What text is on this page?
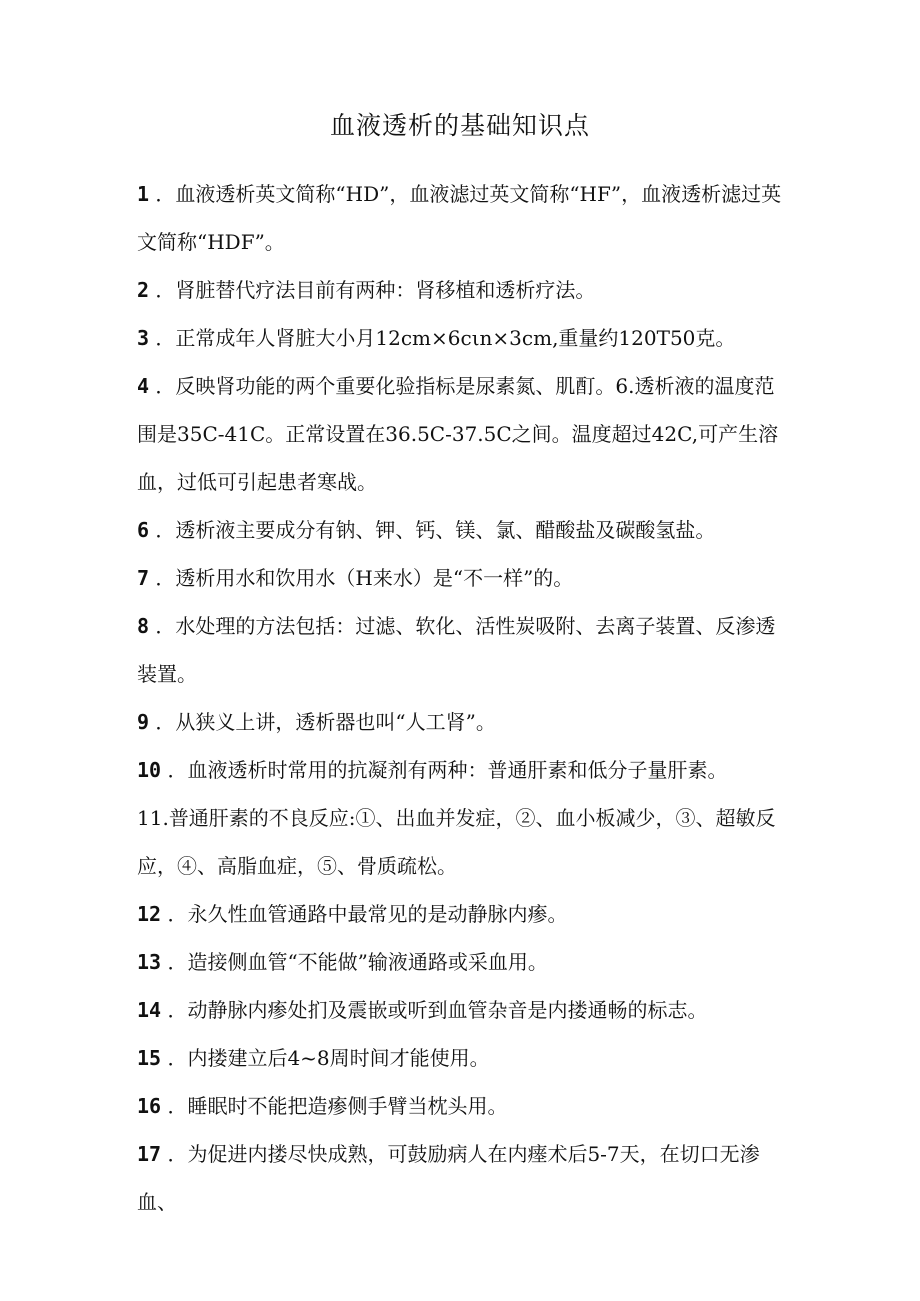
血液透析的基础知识点

1 ．血液透析英文简称“HD”，血液滤过英文简称“HF”，血液透析滤过英文简称“HDF”。

2 ．肾脏替代疗法目前有两种：肾移植和透析疗法。

3 ．正常成年人肾脏大小月12cm×6cιn×3cm,重量约120T50克。

4 ．反映肾功能的两个重要化验指标是尿素氮、肌酊。6.透析液的温度范围是35C-41C。正常设置在36.5C-37.5C之间。温度超过42C,可产生溶血，过低可引起患者寒战。

6 ．透析液主要成分有钠、钾、钙、镁、氯、醋酸盐及碳酸氢盐。

7 ．透析用水和饮用水（H来水）是“不一样”的。

8 ．水处理的方法包括：过滤、软化、活性炭吸附、去离子装置、反渗透装置。

9 ．从狭义上讲，透析器也叫“人工肾”。

10 ．血液透析时常用的抗凝剂有两种：普通肝素和低分子量肝素。

11.普通肝素的不良反应:①、出血并发症，②、血小板减少，③、超敏反应，④、高脂血症，⑤、骨质疏松。

12 ．永久性血管通路中最常见的是动静脉内瘆。

13 ．造接侧血管“不能做”输液通路或采血用。

14 ．动静脉内瘆处扪及震嵌或听到血管杂音是内搂通畅的标志。

15 ．内搂建立后4~8周时间才能使用。

16 ．睡眠时不能把造瘆侧手臂当枕头用。

17 ．为促进内搂尽快成熟，可鼓励病人在内瘗术后5-7天，在切口无渗血、
